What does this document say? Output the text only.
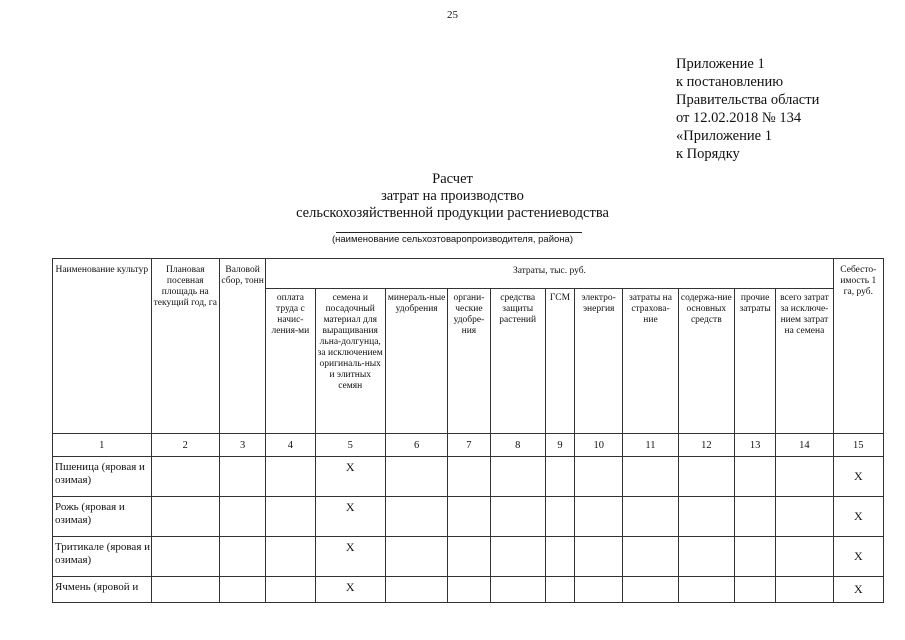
25
Приложение 1
к постановлению
Правительства области
от 12.02.2018 № 134
«Приложение 1
к Порядку
Расчет
затрат на производство
сельскохозяйственной продукции растениеводства
(наименование сельхозтоваропроизводителя, района)
Наименование культур	Плановая посевная площадь на текущий год, га	Валовой сбор, тонн	Затраты, тыс. руб.											Себесто-имость 1 га, руб.

			оплата труда с начис-ления-ми	семена и посадочный материал для выращивания льна-долгунца, за исключением оригиналь-ных и элитных семян	минераль-ные удобрения	органи-ческие удобре-ния	средства защиты растений	ГСМ	электро-энергия	затраты на страхова-ние	содержа-ние основных средств	прочие затраты	всего затрат за исключе-нием затрат на семена	

1	2	3	4	5	6	7	8	9	10	11	12	13	14	15
Пшеница (яровая и озимая)				X										X
Рожь (яровая и озимая)				X										X
Тритикале (яровая и озимая)				X										X
Ячмень (яровой и				X										X
